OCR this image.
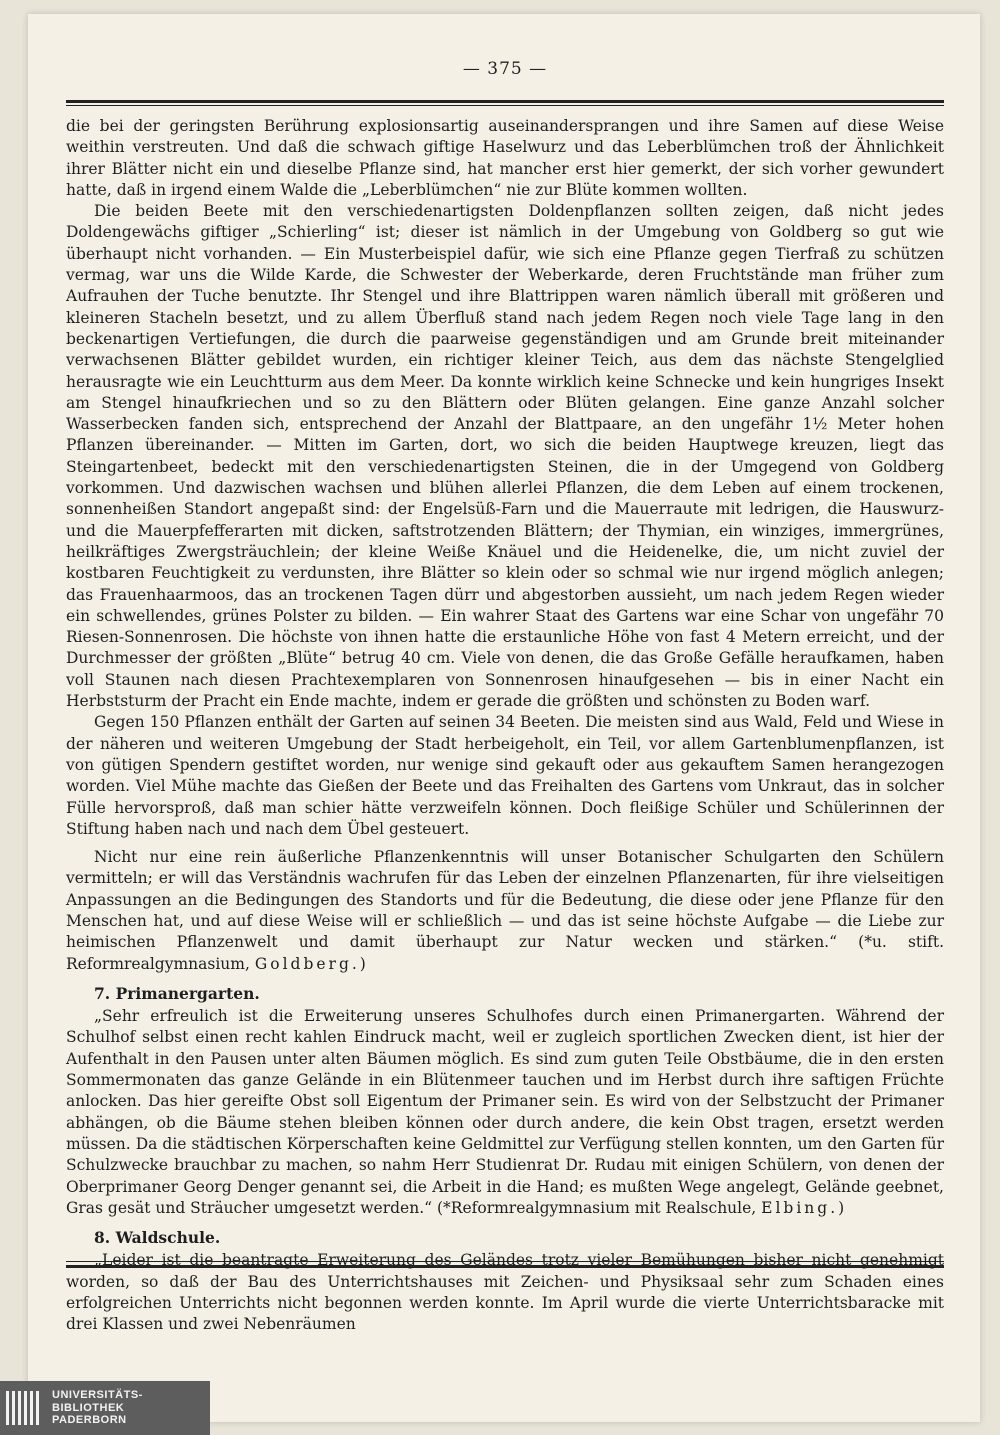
— 375 —

die bei der geringsten Berührung explosionsartig auseinandersprangen und ihre Samen auf diese Weise weithin verstreuten. Und daß die schwach giftige Haselwurz und das Leberblümchen troß der Ähnlichkeit ihrer Blätter nicht ein und dieselbe Pflanze sind, hat mancher erst hier gemerkt, der sich vorher gewundert hatte, daß in irgend einem Walde die „Leberblümchen“ nie zur Blüte kommen wollten.

Die beiden Beete mit den verschiedenartigsten Doldenpflanzen sollten zeigen, daß nicht jedes Doldengewächs giftiger „Schierling“ ist; dieser ist nämlich in der Umgebung von Goldberg so gut wie überhaupt nicht vorhanden. — Ein Musterbeispiel dafür, wie sich eine Pflanze gegen Tierfraß zu schützen vermag, war uns die Wilde Karde, die Schwester der Weberkarde, deren Fruchtstände man früher zum Aufrauhen der Tuche benutzte. Ihr Stengel und ihre Blattrippen waren nämlich überall mit größeren und kleineren Stacheln besetzt, und zu allem Überfluß stand nach jedem Regen noch viele Tage lang in den beckenartigen Vertiefungen, die durch die paarweise gegenständigen und am Grunde breit miteinander verwachsenen Blätter gebildet wurden, ein richtiger kleiner Teich, aus dem das nächste Stengelglied herausragte wie ein Leuchtturm aus dem Meer. Da konnte wirklich keine Schnecke und kein hungriges Insekt am Stengel hinaufkriechen und so zu den Blättern oder Blüten gelangen. Eine ganze Anzahl solcher Wasserbecken fanden sich, entsprechend der Anzahl der Blattpaare, an den ungefähr 1½ Meter hohen Pflanzen übereinander. — Mitten im Garten, dort, wo sich die beiden Hauptwege kreuzen, liegt das Steingartenbeet, bedeckt mit den verschiedenartigsten Steinen, die in der Umgegend von Goldberg vorkommen. Und dazwischen wachsen und blühen allerlei Pflanzen, die dem Leben auf einem trockenen, sonnenheißen Standort angepaßt sind: der Engelsüß-Farn und die Mauerraute mit ledrigen, die Hauswurz- und die Mauerpfefferarten mit dicken, saftstrotzenden Blättern; der Thymian, ein winziges, immergrünes, heilkräftiges Zwergsträuchlein; der kleine Weiße Knäuel und die Heidenelke, die, um nicht zuviel der kostbaren Feuchtigkeit zu verdunsten, ihre Blätter so klein oder so schmal wie nur irgend möglich anlegen; das Frauenhaarmoos, das an trockenen Tagen dürr und abgestorben aussieht, um nach jedem Regen wieder ein schwellendes, grünes Polster zu bilden. — Ein wahrer Staat des Gartens war eine Schar von ungefähr 70 Riesen-Sonnenrosen. Die höchste von ihnen hatte die erstaunliche Höhe von fast 4 Metern erreicht, und der Durchmesser der größten „Blüte“ betrug 40 cm. Viele von denen, die das Große Gefälle heraufkamen, haben voll Staunen nach diesen Prachtexemplaren von Sonnenrosen hinaufgesehen — bis in einer Nacht ein Herbststurm der Pracht ein Ende machte, indem er gerade die größten und schönsten zu Boden warf.

Gegen 150 Pflanzen enthält der Garten auf seinen 34 Beeten. Die meisten sind aus Wald, Feld und Wiese in der näheren und weiteren Umgebung der Stadt herbeigeholt, ein Teil, vor allem Gartenblumenpflanzen, ist von gütigen Spendern gestiftet worden, nur wenige sind gekauft oder aus gekauftem Samen herangezogen worden. Viel Mühe machte das Gießen der Beete und das Freihalten des Gartens vom Unkraut, das in solcher Fülle hervorsproß, daß man schier hätte verzweifeln können. Doch fleißige Schüler und Schülerinnen der Stiftung haben nach und nach dem Übel gesteuert.

Nicht nur eine rein äußerliche Pflanzenkenntnis will unser Botanischer Schulgarten den Schülern vermitteln; er will das Verständnis wachrufen für das Leben der einzelnen Pflanzenarten, für ihre vielseitigen Anpassungen an die Bedingungen des Standorts und für die Bedeutung, die diese oder jene Pflanze für den Menschen hat, und auf diese Weise will er schließlich — und das ist seine höchste Aufgabe — die Liebe zur heimischen Pflanzenwelt und damit überhaupt zur Natur wecken und stärken.“ (*u. stift. Reformrealgymnasium, Goldberg.)

7. Primanergarten.

„Sehr erfreulich ist die Erweiterung unseres Schulhofes durch einen Primanergarten. Während der Schulhof selbst einen recht kahlen Eindruck macht, weil er zugleich sportlichen Zwecken dient, ist hier der Aufenthalt in den Pausen unter alten Bäumen möglich. Es sind zum guten Teile Obstbäume, die in den ersten Sommermonaten das ganze Gelände in ein Blütenmeer tauchen und im Herbst durch ihre saftigen Früchte anlocken. Das hier gereifte Obst soll Eigentum der Primaner sein. Es wird von der Selbstzucht der Primaner abhängen, ob die Bäume stehen bleiben können oder durch andere, die kein Obst tragen, ersetzt werden müssen. Da die städtischen Körperschaften keine Geldmittel zur Verfügung stellen konnten, um den Garten für Schulzwecke brauchbar zu machen, so nahm Herr Studienrat Dr. Rudau mit einigen Schülern, von denen der Oberprimaner Georg Denger genannt sei, die Arbeit in die Hand; es mußten Wege angelegt, Gelände geebnet, Gras gesät und Sträucher umgesetzt werden.“ (*Reformrealgymnasium mit Realschule, Elbing.)

8. Waldschule.

„Leider ist die beantragte Erweiterung des Geländes trotz vieler Bemühungen bisher nicht genehmigt worden, so daß der Bau des Unterrichtshauses mit Zeichen- und Physiksaal sehr zum Schaden eines erfolgreichen Unterrichts nicht begonnen werden konnte. Im April wurde die vierte Unterrichtsbaracke mit drei Klassen und zwei Nebenräumen

UNIVERSITÄTS-
BIBLIOTHEK
PADERBORN
